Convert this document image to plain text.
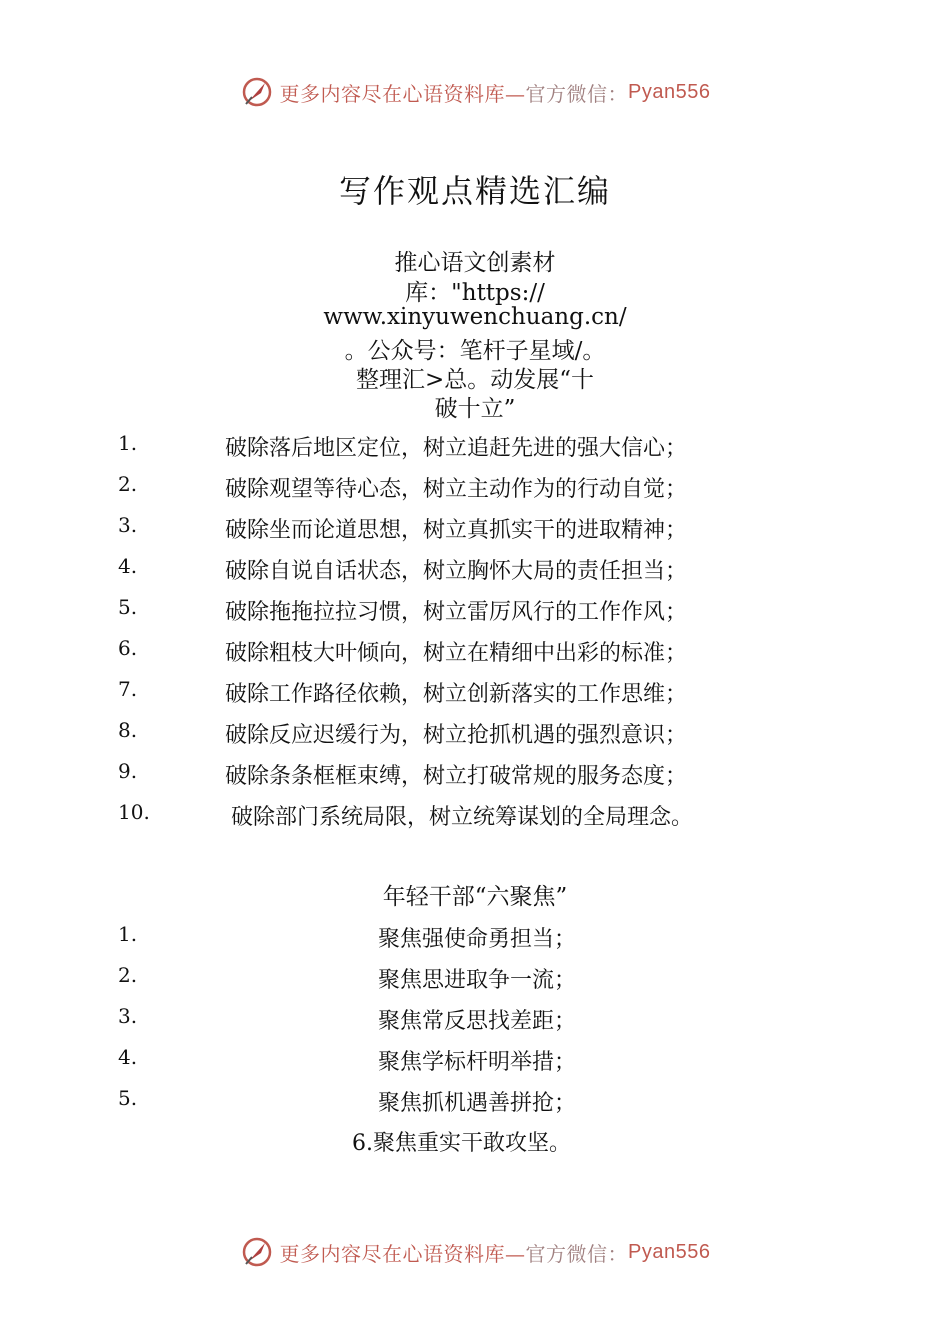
更多内容尽在心语资料库— 官方微信： Pyan556
写作观点精选汇编
推心语文创素材
库："https://
www.xinyuwenchuang.cn/
。公众号：笔杆子星域/。
整理汇>总。动发展“十
破十立”
1.	破除落后地区定位，树立追赶先进的强大信心；
2.	破除观望等待心态，树立主动作为的行动自觉；
3.	破除坐而论道思想，树立真抓实干的进取精神；
4.	破除自说自话状态，树立胸怀大局的责任担当；
5.	破除拖拖拉拉习惯，树立雷厉风行的工作作风；
6.	破除粗枝大叶倾向，树立在精细中出彩的标准；
7.	破除工作路径依赖，树立创新落实的工作思维；
8.	破除反应迟缓行为，树立抢抓机遇的强烈意识；
9.	破除条条框框束缚，树立打破常规的服务态度；
10.	破除部门系统局限，树立统筹谋划的全局理念。
年轻干部“六聚焦”
1.	聚焦强使命勇担当；
2.	聚焦思进取争一流；
3.	聚焦常反思找差距；
4.	聚焦学标杆明举措；
5.	聚焦抓机遇善拼抢；
6.聚焦重实干敢攻坚。
更多内容尽在心语资料库— 官方微信： Pyan556
